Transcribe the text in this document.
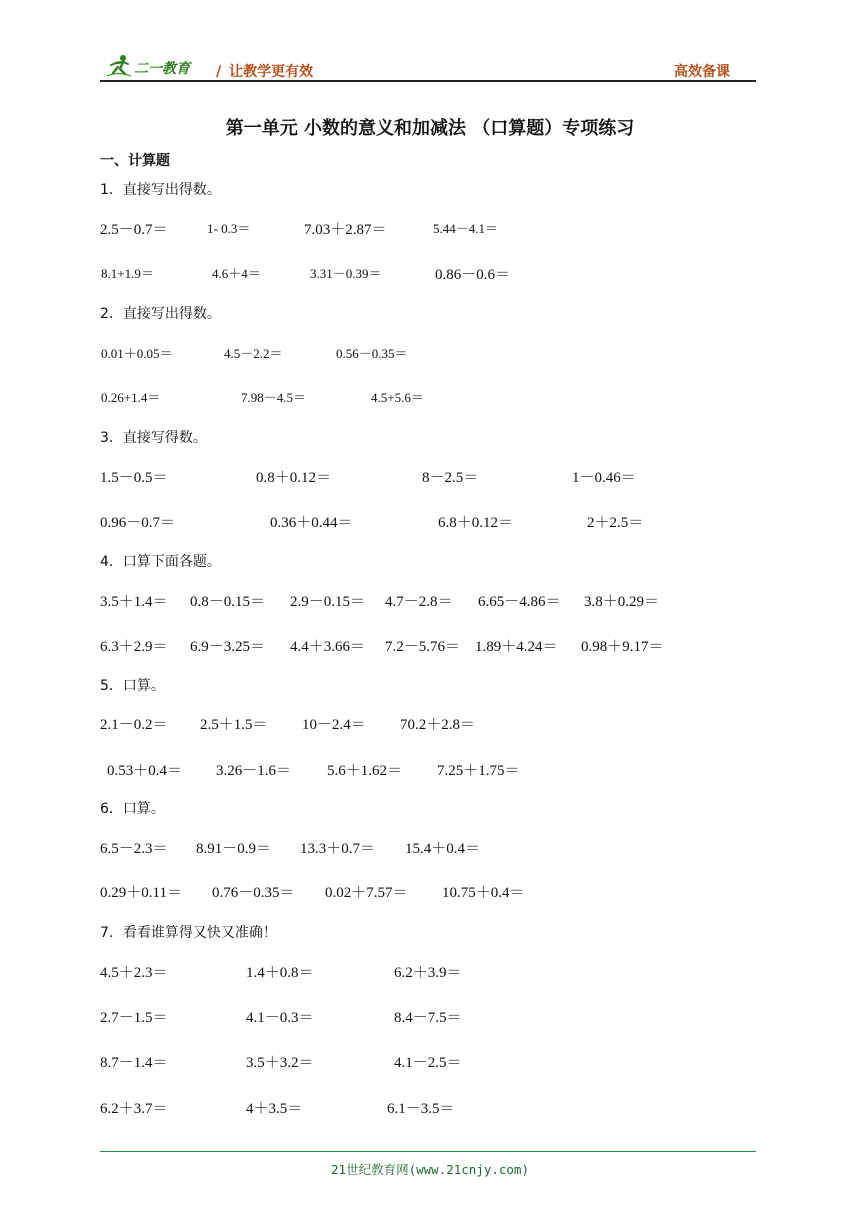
二一教育 / 让教学更有效	高效备课
第一单元 小数的意义和加减法 （口算题）专项练习
一、计算题
1．直接写出得数。
2.5－0.7＝	1- 0.3＝	7.03＋2.87＝	5.44－4.1＝
8.1+1.9＝	4.6＋4＝	3.31－0.39＝	0.86－0.6＝
2．直接写出得数。
0.01＋0.05＝	4.5－2.2＝	0.56－0.35＝
0.26+1.4＝	7.98－4.5＝	4.5+5.6＝
3．直接写得数。
1.5－0.5＝	0.8＋0.12＝	8－2.5＝	1－0.46＝
0.96－0.7＝	0.36＋0.44＝	6.8＋0.12＝	2＋2.5＝
4．口算下面各题。
3.5＋1.4＝ 0.8－0.15＝ 2.9－0.15＝ 4.7－2.8＝ 6.65－4.86＝ 3.8＋0.29＝
6.3＋2.9＝ 6.9－3.25＝ 4.4＋3.66＝ 7.2－5.76＝ 1.89＋4.24＝ 0.98＋9.17＝
5．口算。
2.1－0.2＝ 2.5＋1.5＝ 10－2.4＝ 70.2＋2.8＝
0.53＋0.4＝ 3.26－1.6＝ 5.6＋1.62＝ 7.25＋1.75＝
6．口算。
6.5－2.3＝ 8.91－0.9＝ 13.3＋0.7＝ 15.4＋0.4＝
0.29＋0.11＝ 0.76－0.35＝ 0.02＋7.57＝ 10.75＋0.4＝
7．看看谁算得又快又准确！
4.5＋2.3＝	1.4＋0.8＝	6.2＋3.9＝
2.7－1.5＝	4.1－0.3＝	8.4－7.5＝
8.7－1.4＝	3.5＋3.2＝	4.1－2.5＝
6.2＋3.7＝	4＋3.5＝	6.1－3.5＝
21世纪教育网(www.21cnjy.com)
